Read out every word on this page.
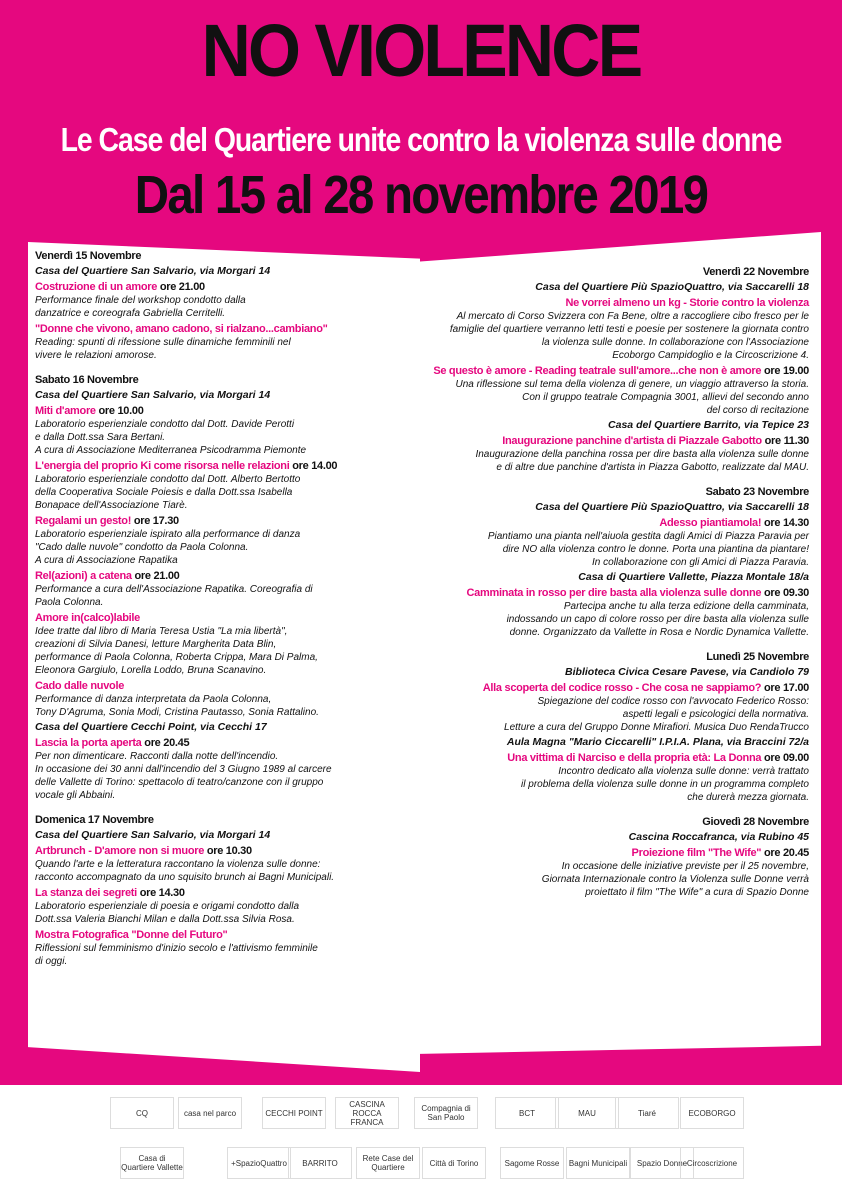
NO VIOLENCE
Le Case del Quartiere unite contro la violenza sulle donne
Dal 15 al 28 novembre 2019
Venerdì 15 Novembre
Casa del Quartiere San Salvario, via Morgari 14
Costruzione di un amore ore 21.00
Performance finale del workshop condotto dalla
danzatrice e coreografa Gabriella Cerritelli.
"Donne che vivono, amano cadono, si rialzano...cambiano"
Reading: spunti di rifessione sulle dinamiche femminili nel
vivere le relazioni amorose.
Sabato 16 Novembre
Casa del Quartiere San Salvario, via Morgari 14
Miti d'amore ore 10.00
Laboratorio esperienziale condotto dal Dott. Davide Perotti
e dalla Dott.ssa Sara Bertani.
A cura di Associazione Mediterranea Psicodramma Piemonte
L'energia del proprio Ki come risorsa nelle relazioni ore 14.00
Laboratorio esperienziale condotto dal Dott. Alberto Bertotto
della Cooperativa Sociale Poiesis e dalla Dott.ssa Isabella
Bonapace dell'Associazione Tiarè.
Regalami un gesto! ore 17.30
Laboratorio esperienziale ispirato alla performance di danza
"Cado dalle nuvole" condotto da Paola Colonna.
A cura di Associazione Rapatika
Rel(azioni) a catena ore 21.00
Performance a cura dell'Associazione Rapatika. Coreografia di
Paola Colonna.
Amore in(calco)labile
Idee tratte dal libro di Maria Teresa Ustia "La mia libertà",
creazioni di Silvia Danesi, letture Margherita Data Blin,
performance di Paola Colonna, Roberta Crippa, Mara Di Palma,
Eleonora Gargiulo, Lorella Loddo, Bruna Scanavino.
Cado dalle nuvole
Performance di danza interpretata da Paola Colonna,
Tony D'Agruma, Sonia Modi, Cristina Pautasso, Sonia Rattalino.
Casa del Quartiere Cecchi Point, via Cecchi 17
Lascia la porta aperta ore 20.45
Per non dimenticare. Racconti dalla notte dell'incendio.
In occasione dei 30 anni dall'incendio del 3 Giugno 1989 al carcere
delle Vallette di Torino: spettacolo di teatro/canzone con il gruppo
vocale gli Abbaini.
Domenica 17 Novembre
Casa del Quartiere San Salvario, via Morgari 14
Artbrunch - D'amore non si muore ore 10.30
Quando l'arte e la letteratura raccontano la violenza sulle donne:
racconto accompagnato da uno squisito brunch ai Bagni Municipali.
La stanza dei segreti ore 14.30
Laboratorio esperienziale di poesia e origami condotto dalla
Dott.ssa Valeria Bianchi Milan e dalla Dott.ssa Silvia Rosa.
Mostra Fotografica "Donne del Futuro"
Riflessioni sul femminismo d'inizio secolo e l'attivismo femminile
di oggi.
Venerdì 22 Novembre
Casa del Quartiere Più SpazioQuattro, via Saccarelli 18
Ne vorrei almeno un kg - Storie contro la violenza
Al mercato di Corso Svizzera con Fa Bene, oltre a raccogliere cibo fresco per le
famiglie del quartiere verranno letti testi e poesie per sostenere la giornata contro
la violenza sulle donne. In collaborazione con l'Associazione
Ecoborgo Campidoglio e la Circoscrizione 4.
Se questo è amore - Reading teatrale sull'amore...che non è amore ore 19.00
Una riflessione sul tema della violenza di genere, un viaggio attraverso la storia.
Con il gruppo teatrale Compagnia 3001, allievi del secondo anno
del corso di recitazione
Casa del Quartiere Barrito, via Tepice 23
Inaugurazione panchine d'artista di Piazzale Gabotto ore 11.30
Inaugurazione della panchina rossa per dire basta alla violenza sulle donne
e di altre due panchine d'artista in Piazza Gabotto, realizzate dal MAU.
Sabato 23 Novembre
Casa del Quartiere Più SpazioQuattro, via Saccarelli 18
Adesso piantiamola! ore 14.30
Piantiamo una pianta nell'aiuola gestita dagli Amici di Piazza Paravia per
dire NO alla violenza contro le donne. Porta una piantina da piantare!
In collaborazione con gli Amici di Piazza Paravia.
Casa di Quartiere Vallette, Piazza Montale 18/a
Camminata in rosso per dire basta alla violenza sulle donne ore 09.30
Partecipa anche tu alla terza edizione della camminata,
indossando un capo di colore rosso per dire basta alla violenza sulle
donne. Organizzato da Vallette in Rosa e Nordic Dynamica Vallette.
Lunedì 25 Novembre
Biblioteca Civica Cesare Pavese, via Candiolo 79
Alla scoperta del codice rosso - Che cosa ne sappiamo? ore 17.00
Spiegazione del codice rosso con l'avvocato Federico Rosso:
aspetti legali e psicologici della normativa.
Letture a cura del Gruppo Donne Mirafiori. Musica Duo RendaTrucco
Aula Magna "Mario Ciccarelli" I.P.I.A. Plana, via Braccini 72/a
Una vittima di Narciso e della propria età: La Donna ore 09.00
Incontro dedicato alla violenza sulle donne: verrà trattato
il problema della violenza sulle donne in un programma completo
che durerà mezza giornata.
Giovedì 28 Novembre
Cascina Roccafranca, via Rubino 45
Proiezione film "The Wife" ore 20.45
In occasione delle iniziative previste per il 25 novembre,
Giornata Internazionale contro la Violenza sulle Donne verrà
proiettato il film "The Wife" a cura di Spazio Donne
CQ	casa nel parco	CECCHI POINT
CASCINA ROCCA FRANCA
Compagnia di San Paolo	BCT	MAU	Tiaré	ECOBORGO
Casa di Quartiere Vallette	+SpazioQuattro	BARRITO	Rete Case del Quartiere	Città di Torino	Sagome Rosse	Bagni Municipali	Spazio Donne Circoscrizione
